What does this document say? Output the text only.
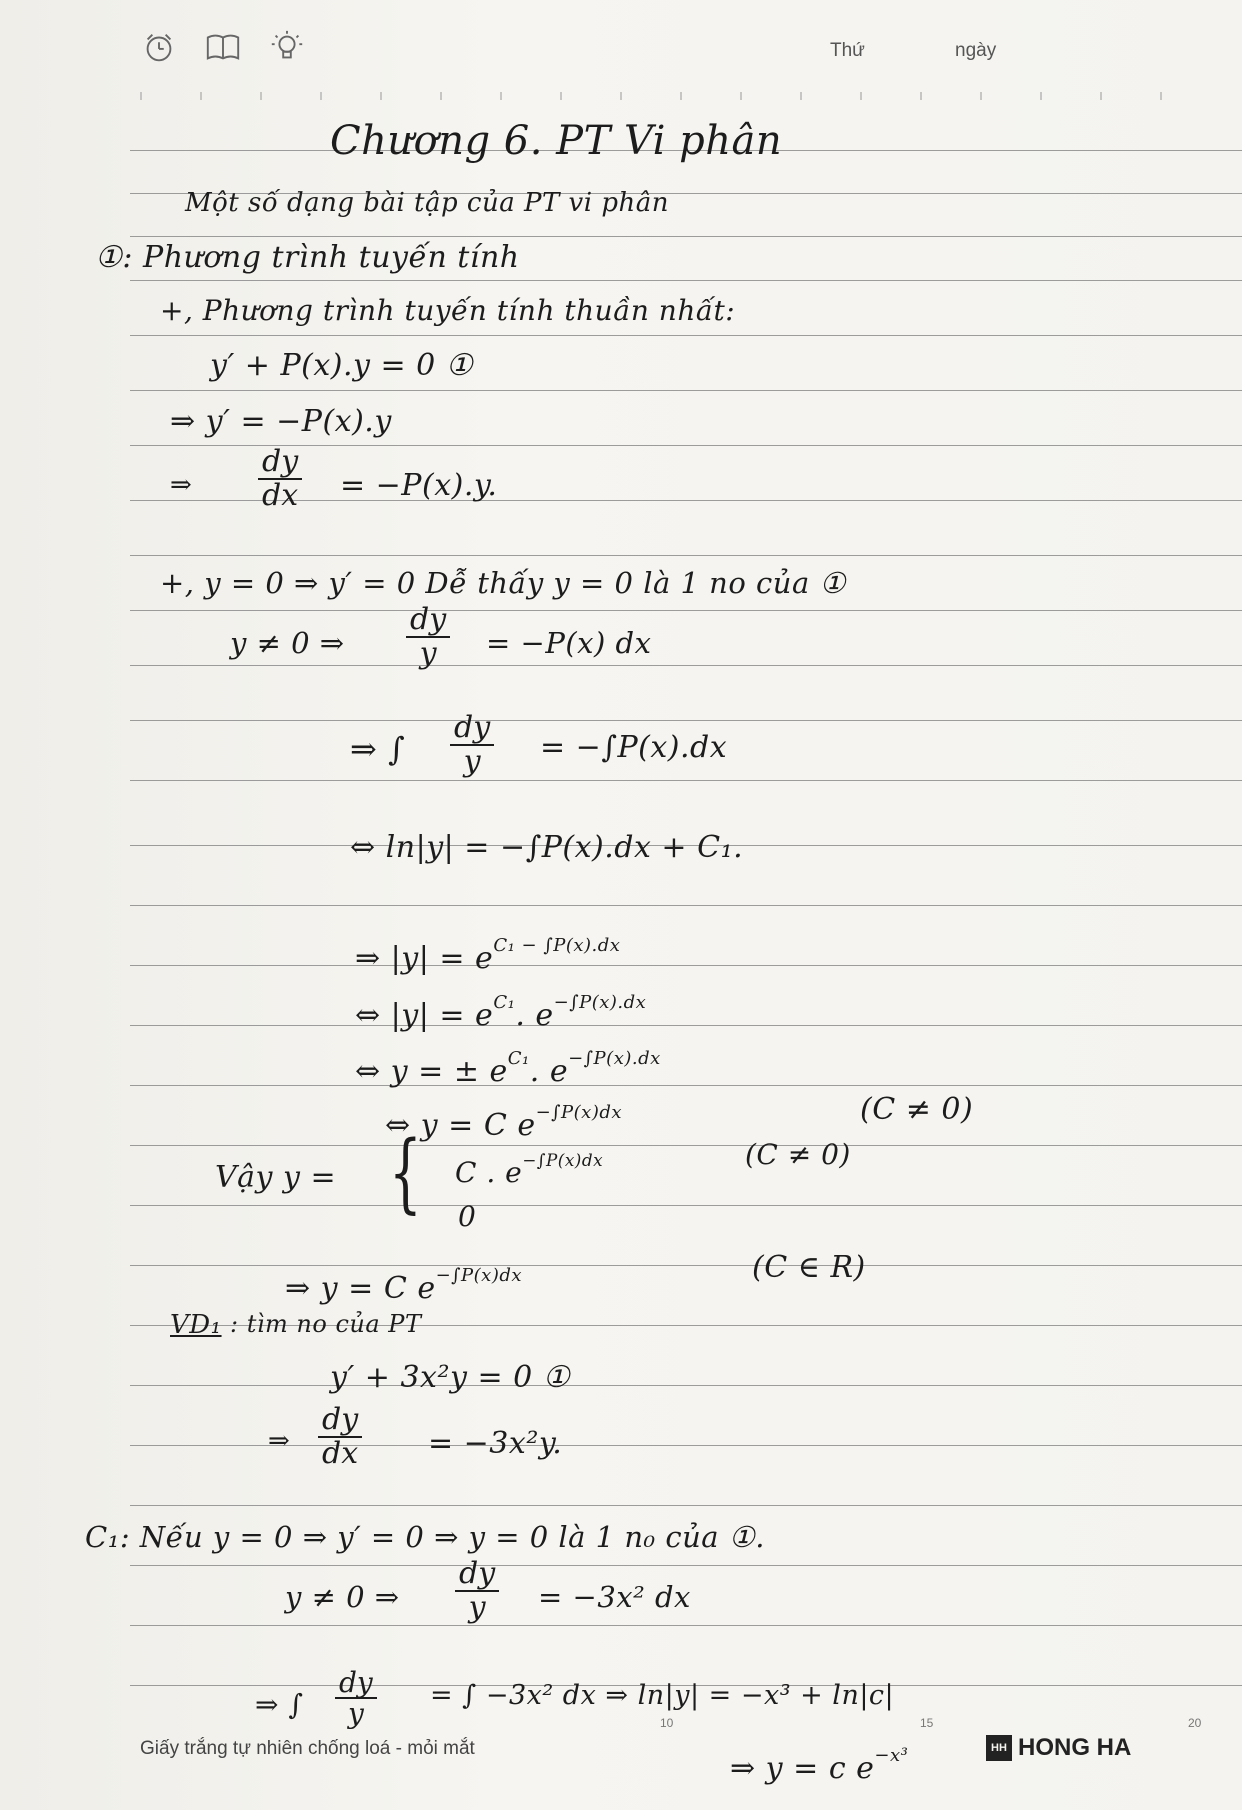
Thứ	ngày
Chương 6. PT Vi phân
Một số dạng bài tập của PT vi phân
①: Phương trình tuyến tính
+, Phương trình tuyến tính thuần nhất:
y′ + P(x).y = 0 ①
⇒ y′ = −P(x).y
⇒ $\frac{dy}{dx} = -P(x).y$.
+, y = 0 ⇒ y′ = 0 Dễ thấy y = 0 là 1 no của ①
y ≠ 0 ⇒ $\frac{dy}{y} = -P(x)$ dx
⇒ ∫ $\frac{dy}{y} = -\int P(x).dx$
⇔ ln|y| = −∫P(x).dx + C₁.
⇒ $|y| = e^{C_1 - \int P(x).dx}$
⇔ $|y| = e^{C_1}$. $e^{-\int P(x).dx}$
⇔ y = ± $e^{C_1}$. $e^{-\int P(x).dx}$
⇔ y = C $e^{-\int P(x)dx}$	(C ≠ 0)
Vậy y = { C . $e^{-\int P(x)dx}$	(C ≠ 0)
0
⇒ y = C $e^{-\int P(x)dx}$	(C ∈ R)
VD₁ : tìm no của PT
y′ + 3x²y = 0 ①
⇒ $\frac{dy}{dx} = -3x^2y$.
C₁: Nếu y = 0 ⇒ y′ = 0 ⇒ y = 0 là 1 n₀ của ①.
y ≠ 0 ⇒ $\frac{dy}{y} = -3x^2$ dx
⇒ ∫ $\frac{dy}{y}$ = ∫ −3x² dx ⇒ ln|y| = −x³ + ln|c|
⇒ y = c $e^{-x^3}$
10	15	20
Giấy trắng tự nhiên chống loá - mỏi mắt	HH HONG HA
